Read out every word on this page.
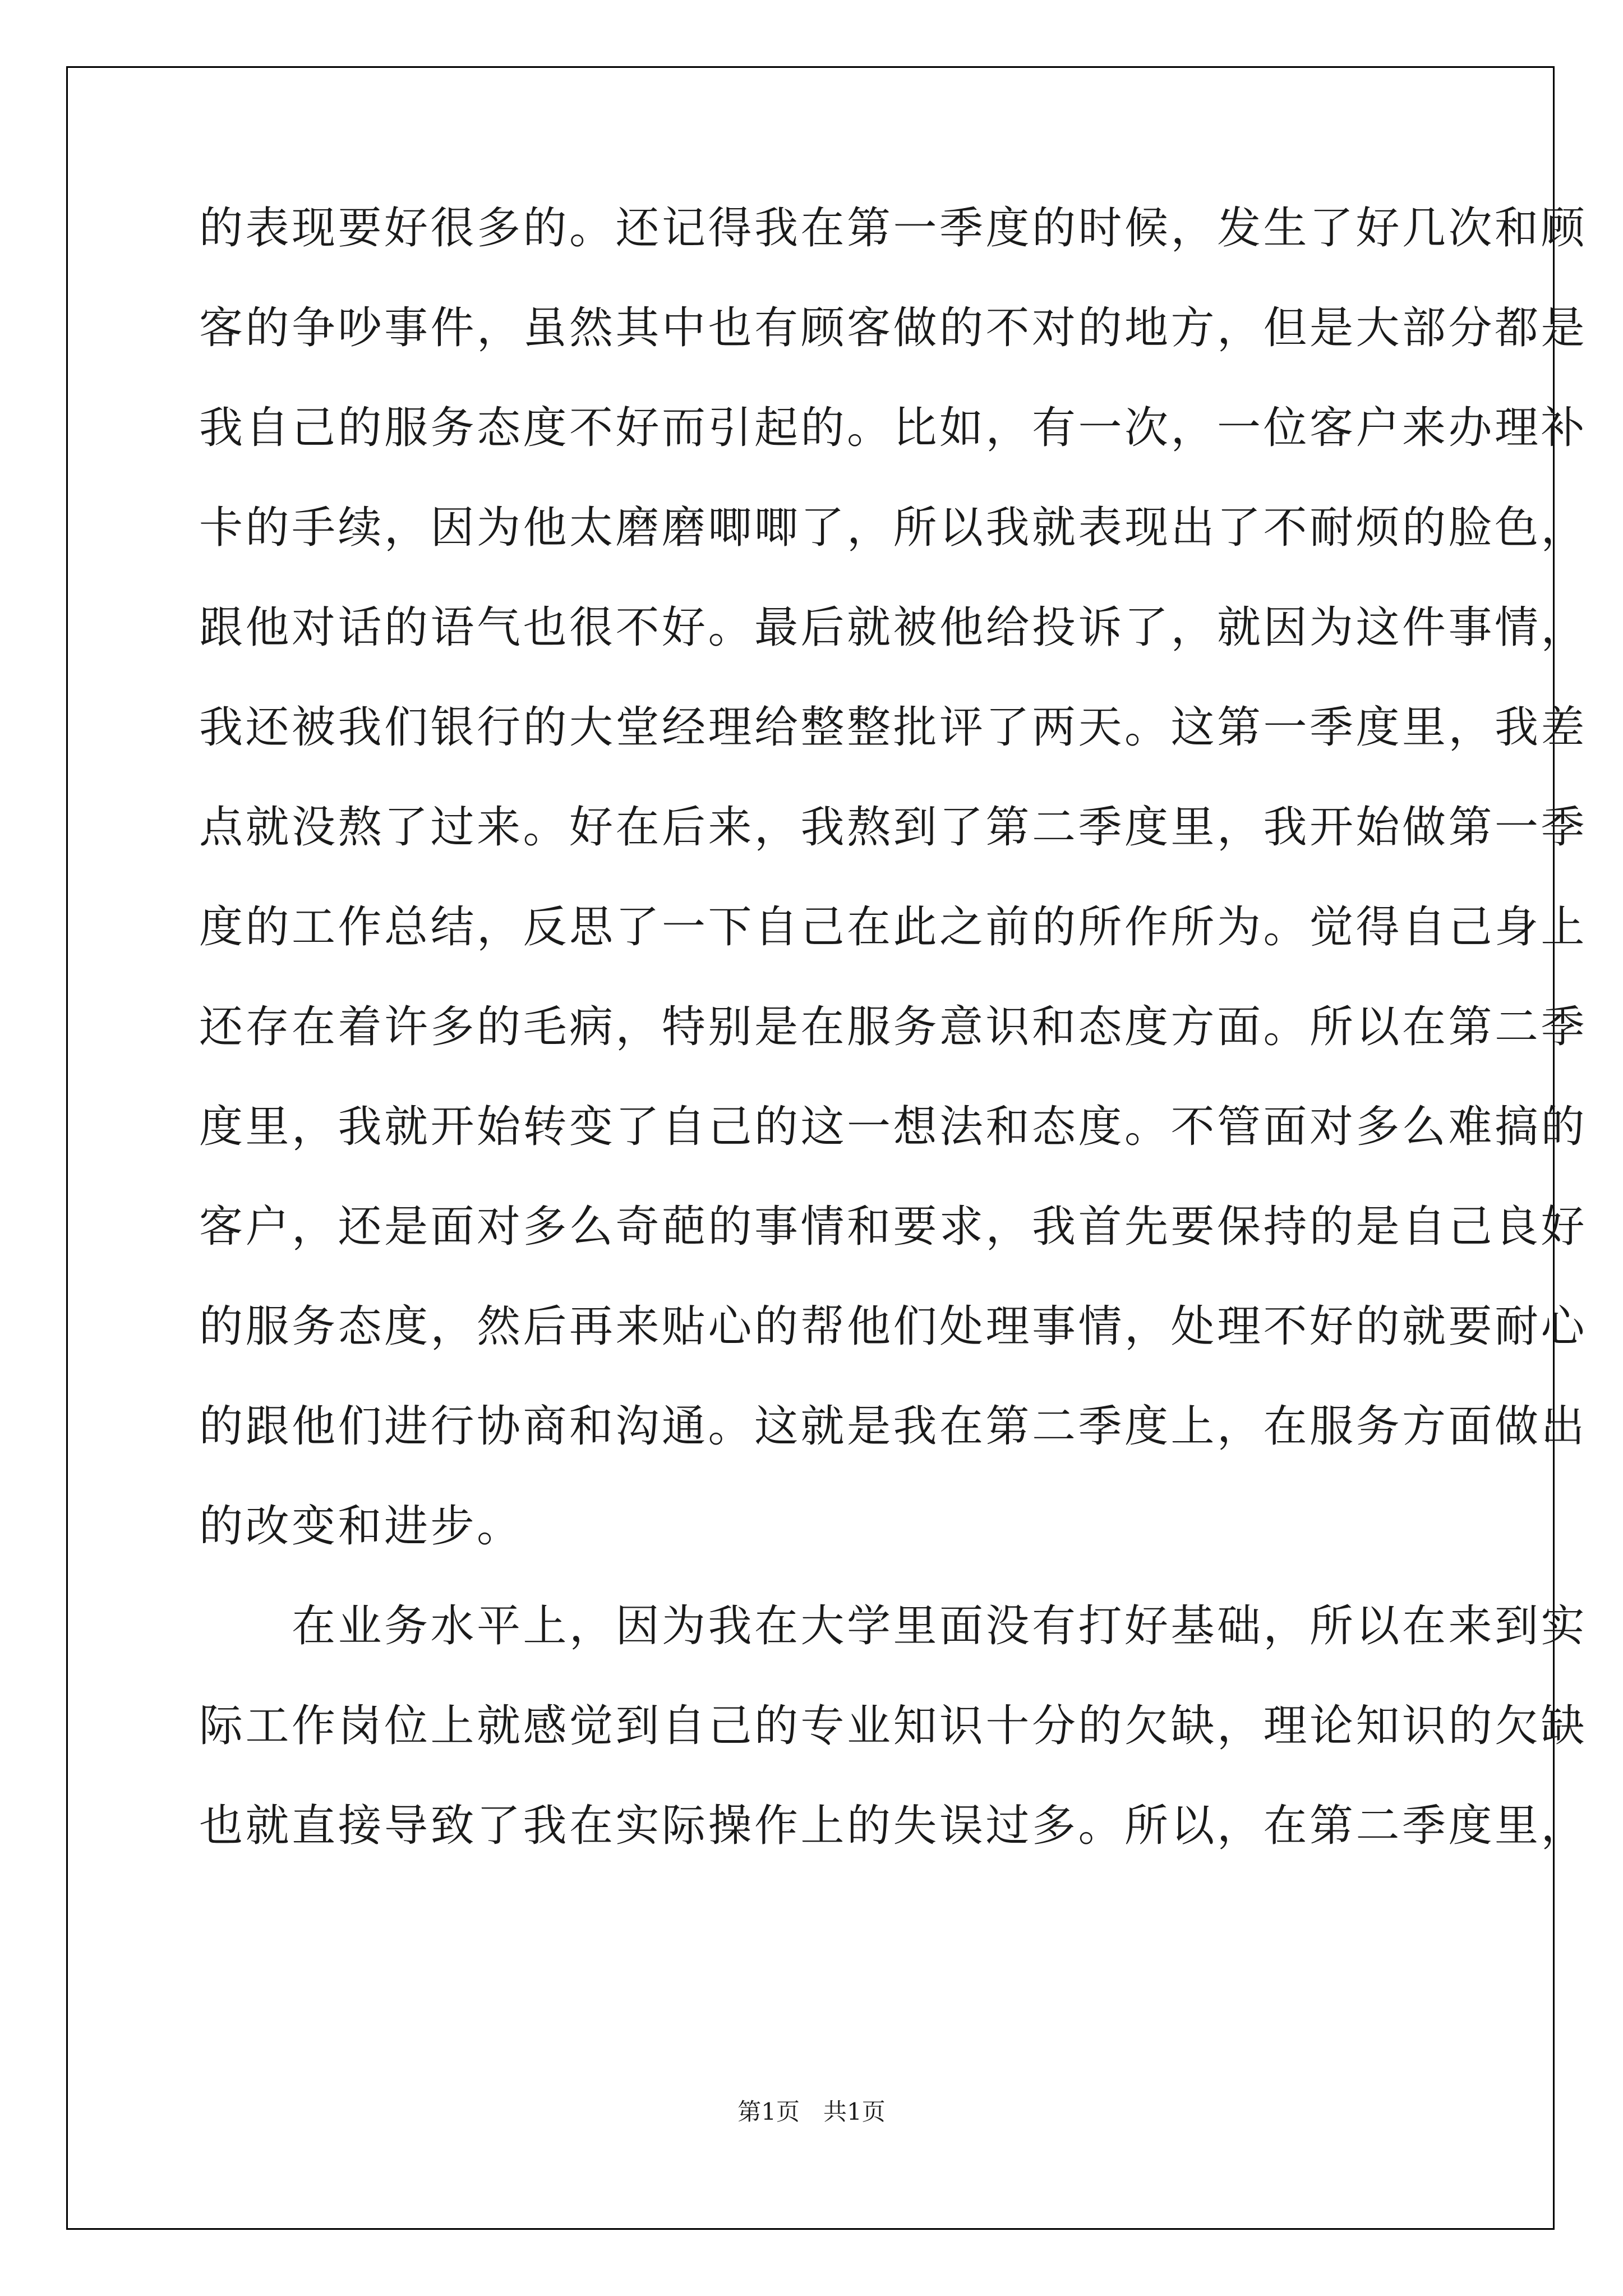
的表现要好很多的。还记得我在第一季度的时候，发生了好几次和顾
客的争吵事件，虽然其中也有顾客做的不对的地方，但是大部分都是
我自己的服务态度不好而引起的。比如，有一次，一位客户来办理补
卡的手续，因为他太磨磨唧唧了，所以我就表现出了不耐烦的脸色，
跟他对话的语气也很不好。最后就被他给投诉了，就因为这件事情，
我还被我们银行的大堂经理给整整批评了两天。这第一季度里，我差
点就没熬了过来。好在后来，我熬到了第二季度里，我开始做第一季
度的工作总结，反思了一下自己在此之前的所作所为。觉得自己身上
还存在着许多的毛病，特别是在服务意识和态度方面。所以在第二季
度里，我就开始转变了自己的这一想法和态度。不管面对多么难搞的
客户，还是面对多么奇葩的事情和要求，我首先要保持的是自己良好
的服务态度，然后再来贴心的帮他们处理事情，处理不好的就要耐心
的跟他们进行协商和沟通。这就是我在第二季度上，在服务方面做出
的改变和进步。
　　在业务水平上，因为我在大学里面没有打好基础，所以在来到实
际工作岗位上就感觉到自己的专业知识十分的欠缺，理论知识的欠缺
也就直接导致了我在实际操作上的失误过多。所以，在第二季度里，
第1页　共1页
